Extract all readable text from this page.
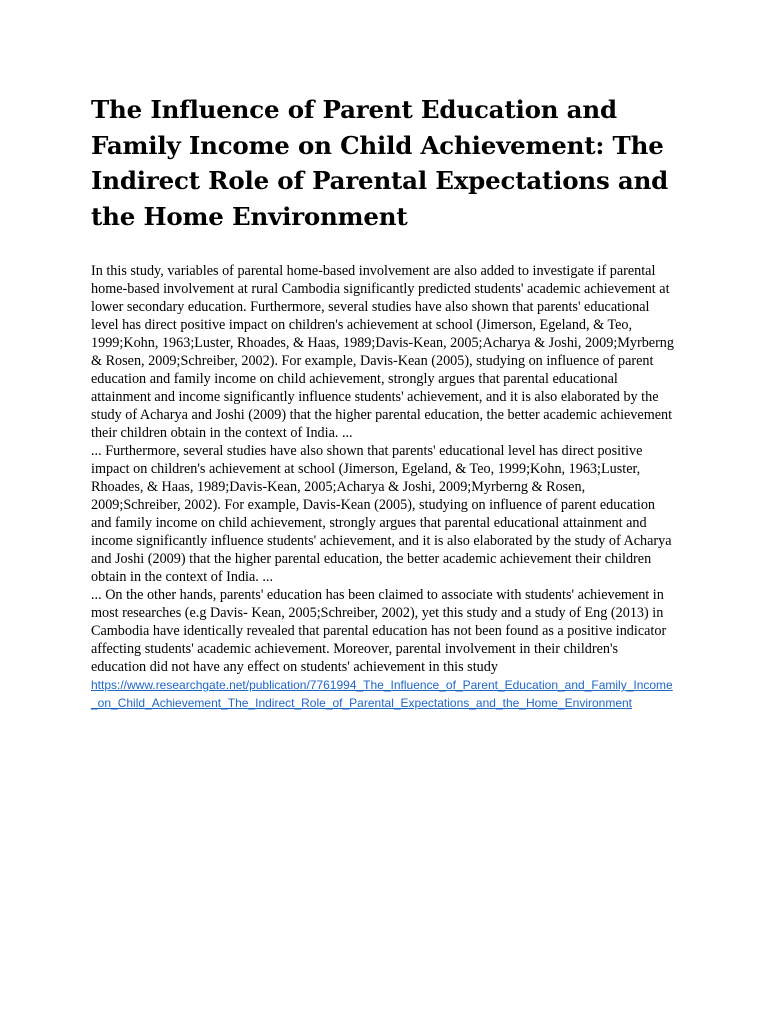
The Influence of Parent Education and Family Income on Child Achievement: The Indirect Role of Parental Expectations and the Home Environment

In this study, variables of parental home-based involvement are also added to investigate if parental home-based involvement at rural Cambodia significantly predicted students' academic achievement at lower secondary education. Furthermore, several studies have also shown that parents' educational level has direct positive impact on children's achievement at school (Jimerson, Egeland, & Teo, 1999;Kohn, 1963;Luster, Rhoades, & Haas, 1989;Davis-Kean, 2005;Acharya & Joshi, 2009;Myrberng & Rosen, 2009;Schreiber, 2002). For example, Davis-Kean (2005), studying on influence of parent education and family income on child achievement, strongly argues that parental educational attainment and income significantly influence students' achievement, and it is also elaborated by the study of Acharya and Joshi (2009) that the higher parental education, the better academic achievement their children obtain in the context of India. ...

... Furthermore, several studies have also shown that parents' educational level has direct positive impact on children's achievement at school (Jimerson, Egeland, & Teo, 1999;Kohn, 1963;Luster, Rhoades, & Haas, 1989;Davis-Kean, 2005;Acharya & Joshi, 2009;Myrberng & Rosen, 2009;Schreiber, 2002). For example, Davis-Kean (2005), studying on influence of parent education and family income on child achievement, strongly argues that parental educational attainment and income significantly influence students' achievement, and it is also elaborated by the study of Acharya and Joshi (2009) that the higher parental education, the better academic achievement their children obtain in the context of India. ...

... On the other hands, parents' education has been claimed to associate with students' achievement in most researches (e.g Davis- Kean, 2005;Schreiber, 2002), yet this study and a study of Eng (2013) in Cambodia have identically revealed that parental education has not been found as a positive indicator affecting students' academic achievement. Moreover, parental involvement in their children's education did not have any effect on students' achievement in this study

https://www.researchgate.net/publication/7761994_The_Influence_of_Parent_Education_and_Family_Income_on_Child_Achievement_The_Indirect_Role_of_Parental_Expectations_and_the_Home_Environment
